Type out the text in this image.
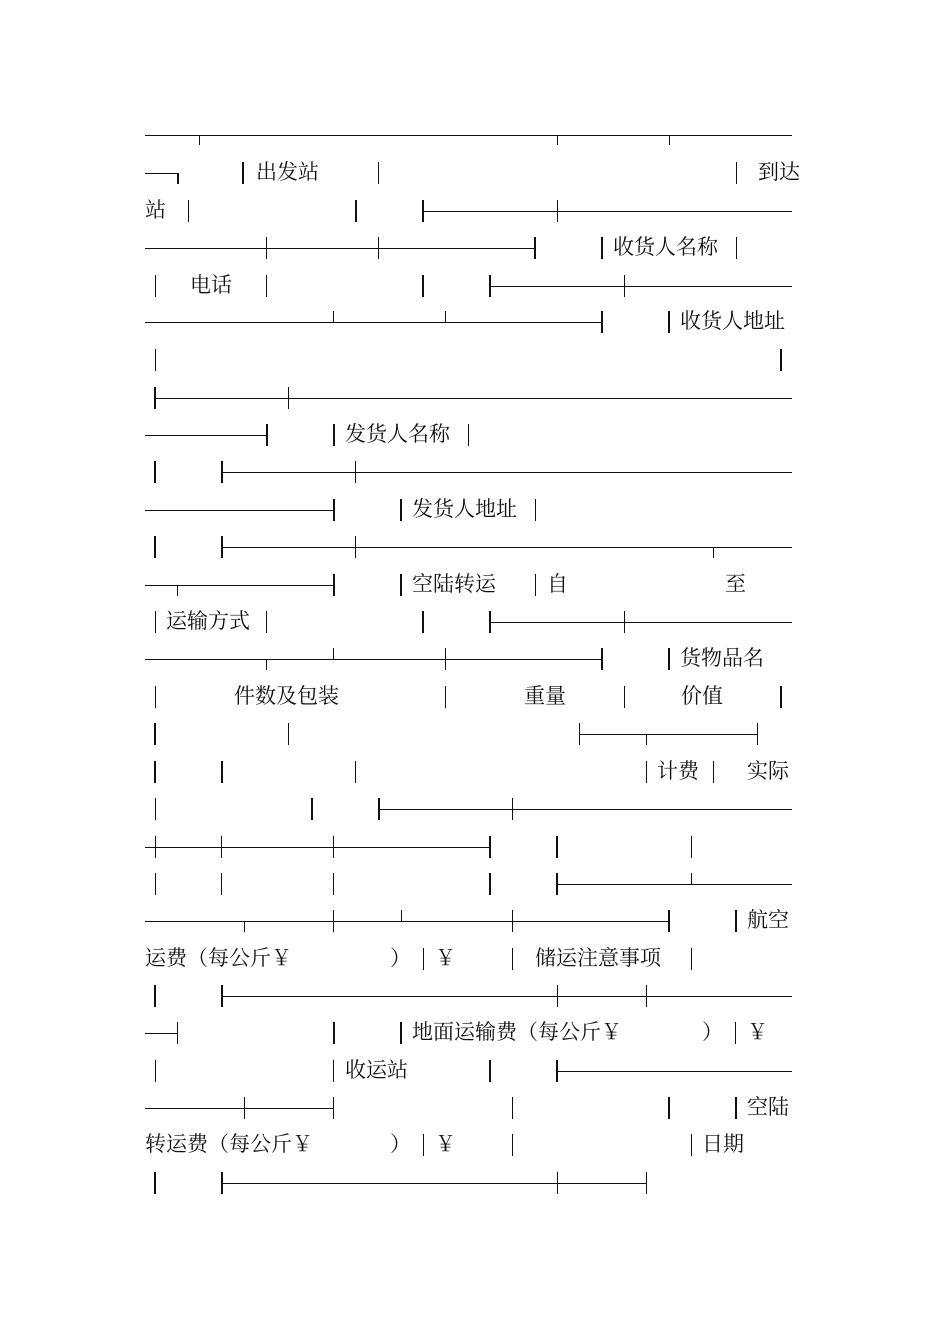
出发站	到达
站
收货人名称
电话
收货人地址
发货人名称
发货人地址
空陆转运 自	至
运输方式
货物品名
件数及包装	重量	价值
计费 实际
航空
运费（每公斤￥	） ￥	储运注意事项
地面运输费（每公斤￥	） ￥
收运站
空陆
转运费（每公斤￥	） ￥	日期
